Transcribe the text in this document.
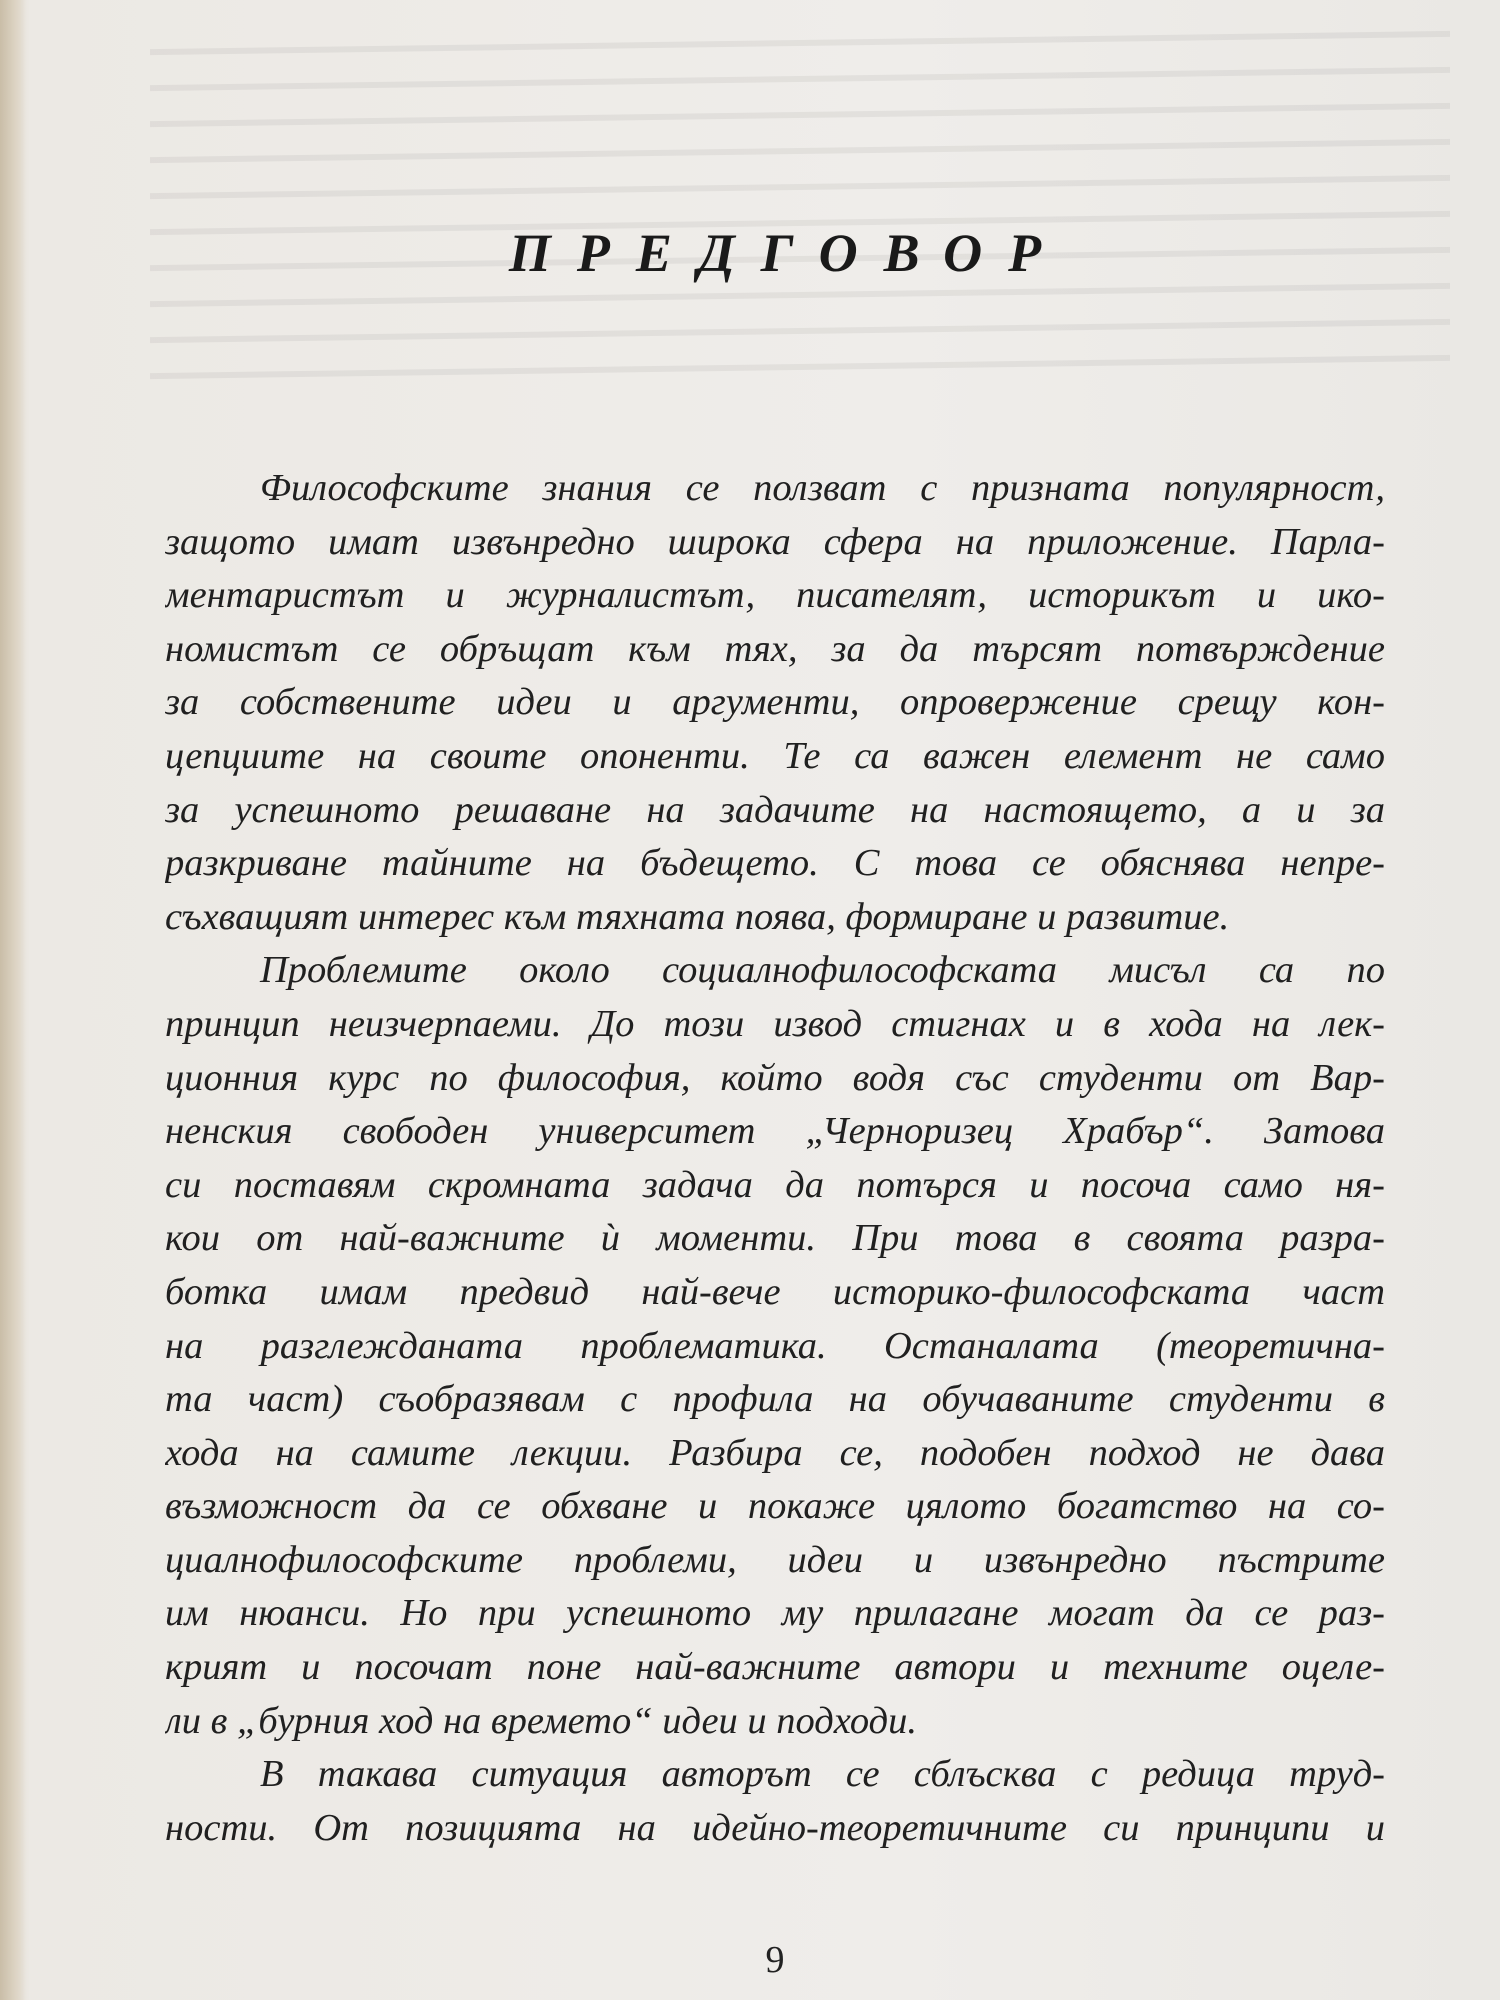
ПРЕДГОВОР
Философските знания се ползват с призната популярност,
защото имат извънредно широка сфера на приложение. Парла-
ментаристът и журналистът, писателят, историкът и ико-
номистът се обръщат към тях, за да търсят потвърждение
за собствените идеи и аргументи, опровержение срещу кон-
цепциите на своите опоненти. Те са важен елемент не само
за успешното решаване на задачите на настоящето, а и за
разкриване тайните на бъдещето. С това се обяснява непре-
съхващият интерес към тяхната поява, формиране и развитие.
Проблемите около социалнофилософската мисъл са по
принцип неизчерпаеми. До този извод стигнах и в хода на лек-
ционния курс по философия, който водя със студенти от Вар-
ненския свободен университет „Черноризец Храбър“. Затова
си поставям скромната задача да потърся и посоча само ня-
кои от най-важните ѝ моменти. При това в своята разра-
ботка имам предвид най-вече историко-философската част
на разглежданата проблематика. Останалата (теоретична-
та част) съобразявам с профила на обучаваните студенти в
хода на самите лекции. Разбира се, подобен подход не дава
възможност да се обхване и покаже цялото богатство на со-
циалнофилософските проблеми, идеи и извънредно пъстрите
им нюанси. Но при успешното му прилагане могат да се раз-
крият и посочат поне най-важните автори и техните оцеле-
ли в „бурния ход на времето“ идеи и подходи.
В такава ситуация авторът се сблъсква с редица труд-
ности. От позицията на идейно-теоретичните си принципи и
9
